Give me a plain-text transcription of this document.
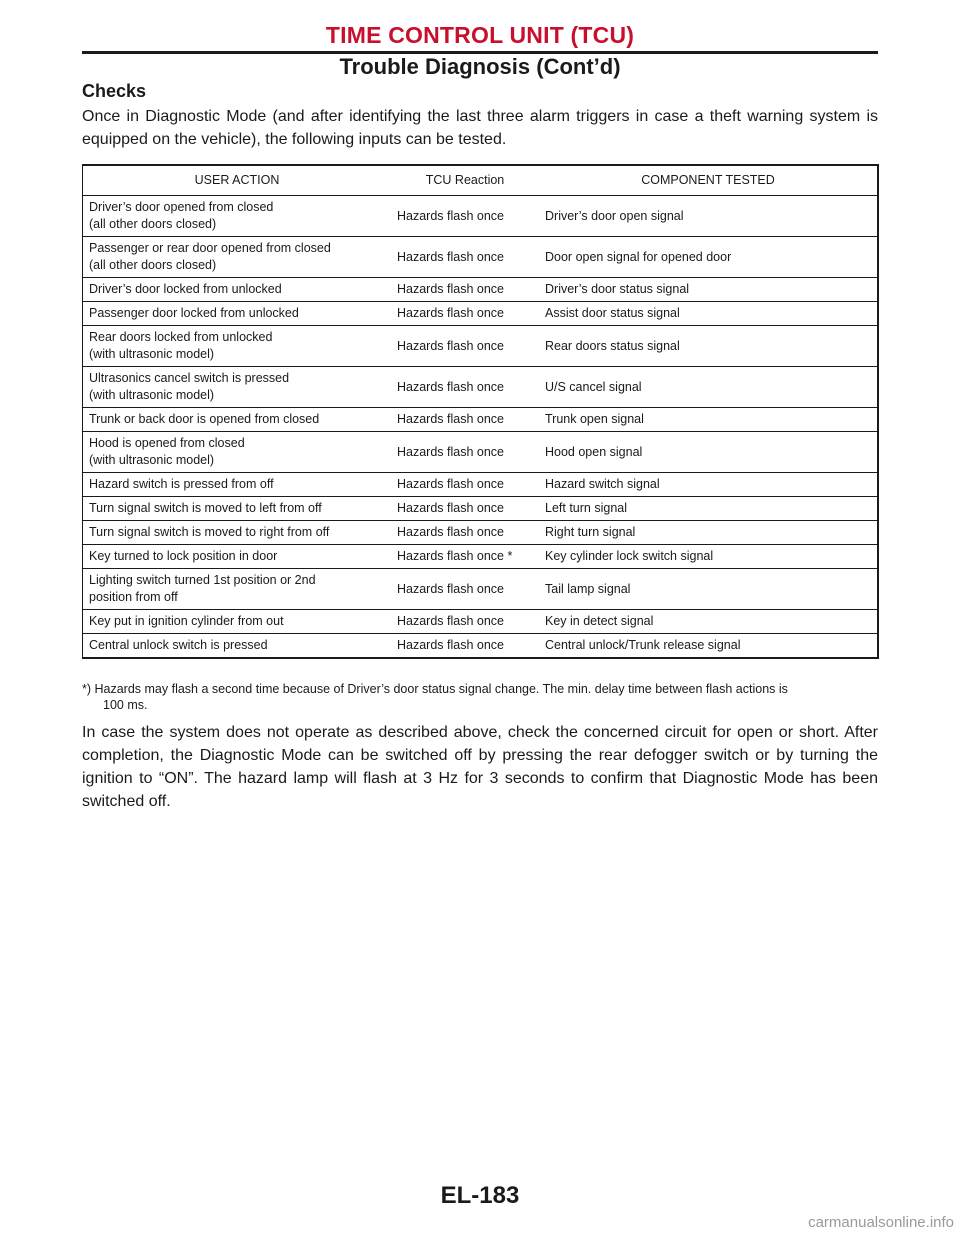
TIME CONTROL UNIT (TCU)
Trouble Diagnosis (Cont’d)
Checks
Once in Diagnostic Mode (and after identifying the last three alarm triggers in case a theft warning system is equipped on the vehicle), the following inputs can be tested.
USER ACTION	TCU Reaction	COMPONENT TESTED

Driver’s door opened from closed
(all other doors closed)	Hazards flash once	Driver’s door open signal

Passenger or rear door opened from closed
(all other doors closed)	Hazards flash once	Door open signal for opened door

Driver’s door locked from unlocked	Hazards flash once	Driver’s door status signal

Passenger door locked from unlocked	Hazards flash once	Assist door status signal

Rear doors locked from unlocked
(with ultrasonic model)	Hazards flash once	Rear doors status signal

Ultrasonics cancel switch is pressed
(with ultrasonic model)	Hazards flash once	U/S cancel signal

Trunk or back door is opened from closed	Hazards flash once	Trunk open signal

Hood is opened from closed
(with ultrasonic model)	Hazards flash once	Hood open signal

Hazard switch is pressed from off	Hazards flash once	Hazard switch signal

Turn signal switch is moved to left from off	Hazards flash once	Left turn signal

Turn signal switch is moved to right from off	Hazards flash once	Right turn signal

Key turned to lock position in door	Hazards flash once *	Key cylinder lock switch signal

Lighting switch turned 1st position or 2nd
position from off	Hazards flash once	Tail lamp signal

Key put in ignition cylinder from out	Hazards flash once	Key in detect signal

Central unlock switch is pressed	Hazards flash once	Central unlock/Trunk release signal
*) Hazards may flash a second time because of Driver’s door status signal change. The min. delay time between flash actions is
100 ms.
In case the system does not operate as described above, check the concerned circuit for open or short. After completion, the Diagnostic Mode can be switched off by pressing the rear defogger switch or by turning the ignition to “ON”. The hazard lamp will flash at 3 Hz for 3 seconds to confirm that Diagnostic Mode has been switched off.
EL-183
carmanualsonline.info
